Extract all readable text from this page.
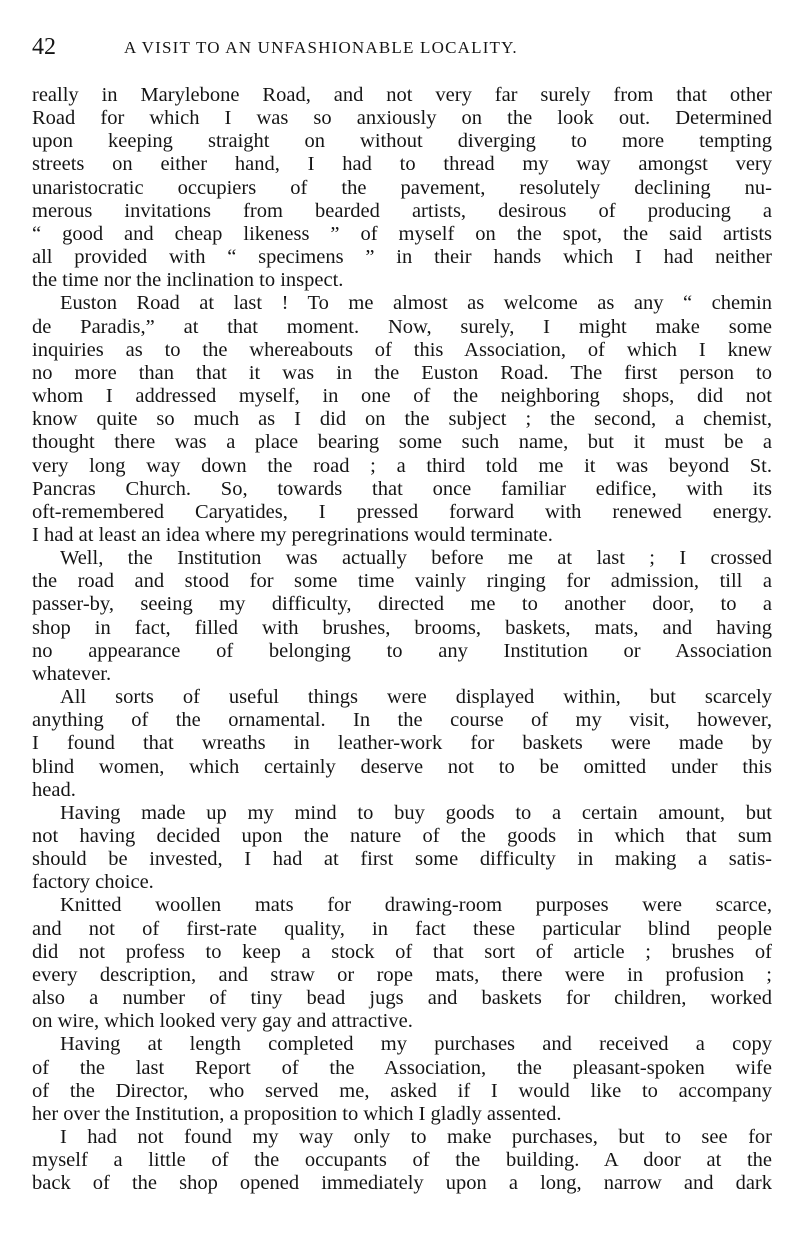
42	A VISIT TO AN UNFASHIONABLE LOCALITY.
really in Marylebone Road, and not very far surely from that other
Road for which I was so anxiously on the look out. Determined
upon keeping straight on without diverging to more tempting
streets on either hand, I had to thread my way amongst very
unaristocratic occupiers of the pavement, resolutely declining nu-
merous invitations from bearded artists, desirous of producing a
“ good and cheap likeness ” of myself on the spot, the said artists
all provided with “ specimens ” in their hands which I had neither
the time nor the inclination to inspect.
Euston Road at last ! To me almost as welcome as any “ chemin
de Paradis,” at that moment. Now, surely, I might make some
inquiries as to the whereabouts of this Association, of which I knew
no more than that it was in the Euston Road. The first person to
whom I addressed myself, in one of the neighboring shops, did not
know quite so much as I did on the subject ; the second, a chemist,
thought there was a place bearing some such name, but it must be a
very long way down the road ; a third told me it was beyond St.
Pancras Church. So, towards that once familiar edifice, with its
oft-remembered Caryatides, I pressed forward with renewed energy.
I had at least an idea where my peregrinations would terminate.
Well, the Institution was actually before me at last ; I crossed
the road and stood for some time vainly ringing for admission, till a
passer-by, seeing my difficulty, directed me to another door, to a
shop in fact, filled with brushes, brooms, baskets, mats, and having
no appearance of belonging to any Institution or Association
whatever.
All sorts of useful things were displayed within, but scarcely
anything of the ornamental. In the course of my visit, however,
I found that wreaths in leather-work for baskets were made by
blind women, which certainly deserve not to be omitted under this
head.
Having made up my mind to buy goods to a certain amount, but
not having decided upon the nature of the goods in which that sum
should be invested, I had at first some difficulty in making a satis-
factory choice.
Knitted woollen mats for drawing-room purposes were scarce,
and not of first-rate quality, in fact these particular blind people
did not profess to keep a stock of that sort of article ; brushes of
every description, and straw or rope mats, there were in profusion ;
also a number of tiny bead jugs and baskets for children, worked
on wire, which looked very gay and attractive.
Having at length completed my purchases and received a copy
of the last Report of the Association, the pleasant-spoken wife
of the Director, who served me, asked if I would like to accompany
her over the Institution, a proposition to which I gladly assented.
I had not found my way only to make purchases, but to see for
myself a little of the occupants of the building. A door at the
back of the shop opened immediately upon a long, narrow and dark
